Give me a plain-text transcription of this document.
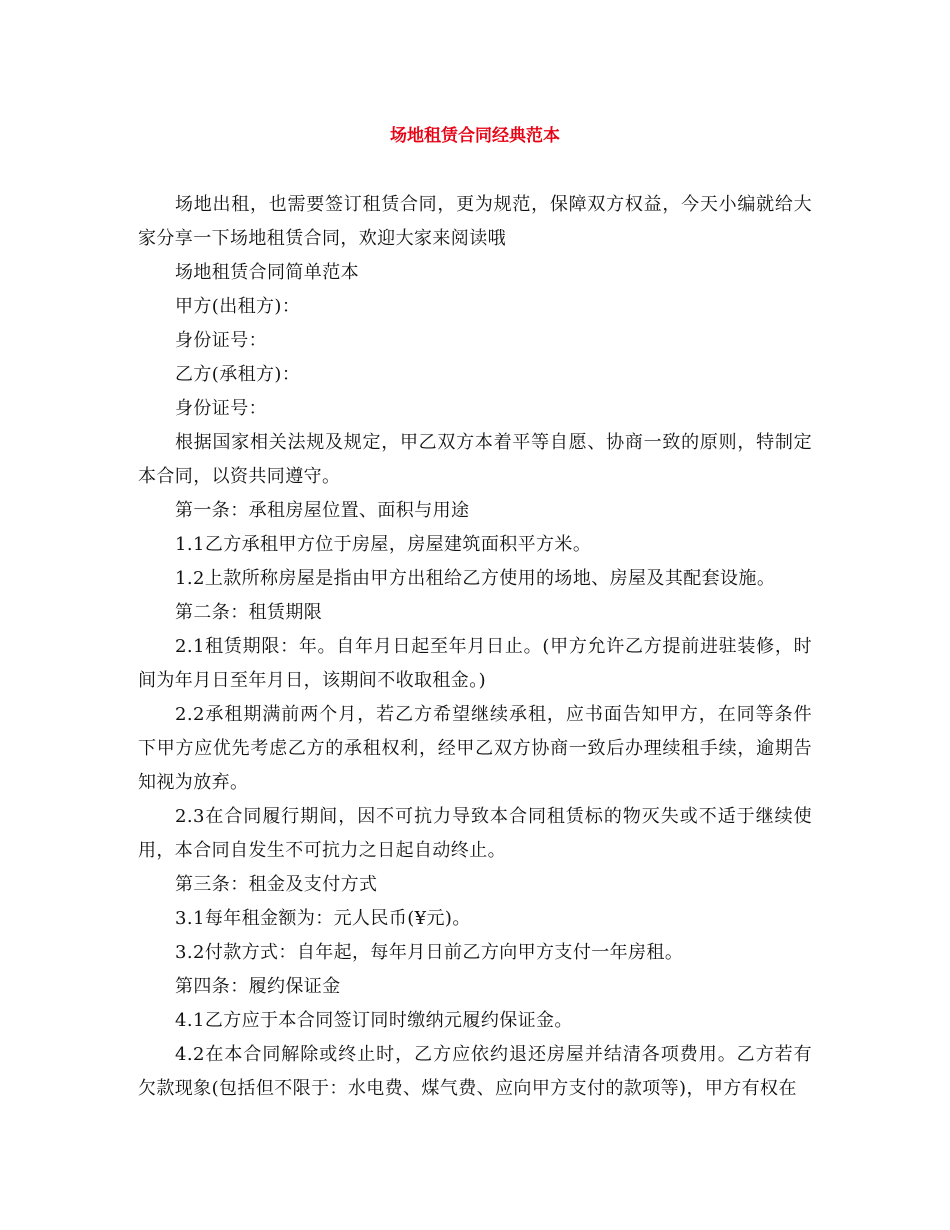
场地租赁合同经典范本

场地出租，也需要签订租赁合同，更为规范，保障双方权益，今天小编就给大家分享一下场地租赁合同，欢迎大家来阅读哦

场地租赁合同简单范本

甲方(出租方)：

身份证号：

乙方(承租方)：

身份证号：

根据国家相关法规及规定，甲乙双方本着平等自愿、协商一致的原则，特制定本合同，以资共同遵守。

第一条：承租房屋位置、面积与用途

1.1乙方承租甲方位于房屋，房屋建筑面积平方米。

1.2上款所称房屋是指由甲方出租给乙方使用的场地、房屋及其配套设施。

第二条：租赁期限

2.1租赁期限：年。自年月日起至年月日止。(甲方允许乙方提前进驻装修，时间为年月日至年月日，该期间不收取租金。)

2.2承租期满前两个月，若乙方希望继续承租，应书面告知甲方，在同等条件下甲方应优先考虑乙方的承租权利，经甲乙双方协商一致后办理续租手续，逾期告知视为放弃。

2.3在合同履行期间，因不可抗力导致本合同租赁标的物灭失或不适于继续使用，本合同自发生不可抗力之日起自动终止。

第三条：租金及支付方式

3.1每年租金额为：元人民币(¥元)。

3.2付款方式：自年起，每年月日前乙方向甲方支付一年房租。

第四条：履约保证金

4.1乙方应于本合同签订同时缴纳元履约保证金。

4.2在本合同解除或终止时，乙方应依约退还房屋并结清各项费用。乙方若有欠款现象(包括但不限于：水电费、煤气费、应向甲方支付的款项等)，甲方有权在
